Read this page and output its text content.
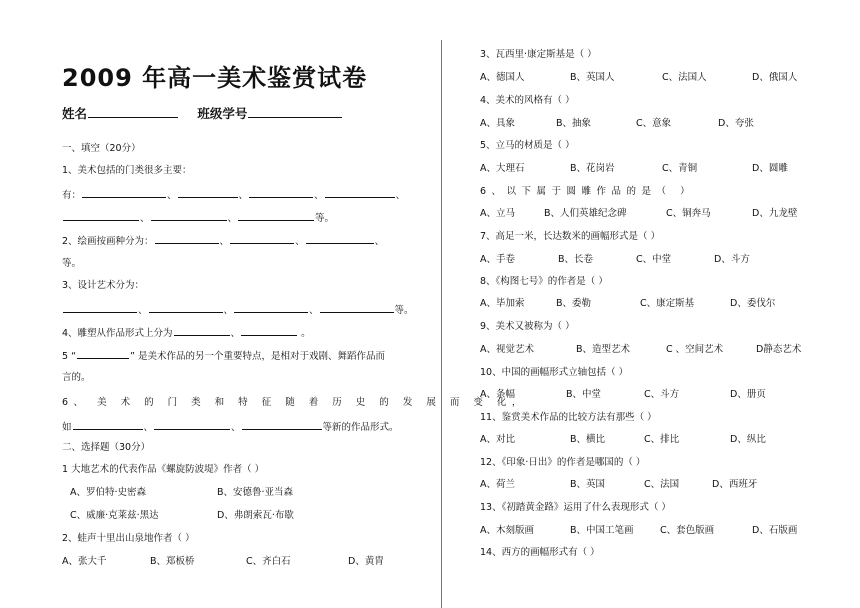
2009 年高一美术鉴赏试卷
姓名	班级学号
一、填空（20分）
1、美术包括的门类很多主要：
有：	、	、	、	、
、	、	等。
2、绘画按画种分为：	、	、	、
等。
3、设计艺术分为：
、	、	、	等。
4、雕塑从作品形式上分为	、	。
5 “	” 是美术作品的另一个重要特点，是相对于戏剧、舞蹈作品而
言的。
6、 美 术 的 门 类 和 特 征 随 着 历 史 的 发 展 而 变 化，
如	、	、	等新的作品形式。
二、选择题（30分）
1 大地艺术的代表作品《螺旋防波堤》作者（ ）
A、罗伯特·史密森	B、安德鲁·亚当森
C、威廉·克莱兹·黑达	D、弗朗索瓦·布歇
2、蛙声十里出山泉地作者（ ）
A、张大千	B、郑板桥	C、齐白石	D、黄胄
3、瓦西里·康定斯基是（ ）
A、德国人	B、英国人	C、法国人	D、俄国人
4、美术的风格有（ ）
A、具象	B、抽象	C、意象	D、夸张
5、立马的材质是（ ）
A、大理石	B、花岗岩	C、青铜	D、圆雕
6、以下属于圆雕作品的是（ ）
A、立马	B、人们英雄纪念碑	C、铜奔马	D、九龙壁
7、高足一米，长达数米的画幅形式是（ ）
A、手卷	B、长卷	C、中堂	D、斗方
8、《构图七号》的作者是（ ）
A、毕加索	B、委勒	C、康定斯基	D、委伐尔
9、美术又被称为（ ）
A、视觉艺术	B、造型艺术	C 、空间艺术	D静态艺术
10、中国的画幅形式立轴包括（ ）
A、条幅	B、中堂	C、斗方	D、册页
11、鉴赏美术作品的比较方法有那些（ ）
A、对比	B、横比	C、排比	D、纵比
12、《印象·日出》的作者是哪国的（ ）
A、荷兰	B、英国	C、法国	D、西班牙
13、《初踏黄金路》运用了什么表现形式（ ）
A、木刻版画	B、中国工笔画	C、套色版画	D、石版画
14、西方的画幅形式有（ ）
